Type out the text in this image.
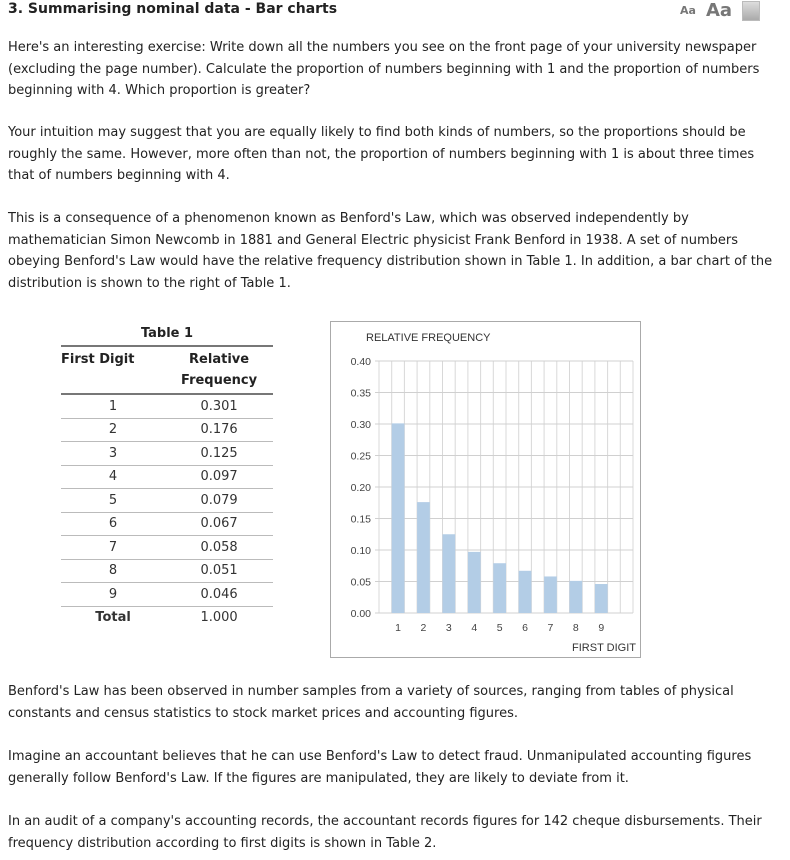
3. Summarising nominal data - Bar charts	Aa Aa
Here's an interesting exercise: Write down all the numbers you see on the front page of your university newspaper
(excluding the page number). Calculate the proportion of numbers beginning with 1 and the proportion of numbers
beginning with 4. Which proportion is greater?
Your intuition may suggest that you are equally likely to find both kinds of numbers, so the proportions should be
roughly the same. However, more often than not, the proportion of numbers beginning with 1 is about three times
that of numbers beginning with 4.
This is a consequence of a phenomenon known as Benford's Law, which was observed independently by
mathematician Simon Newcomb in 1881 and General Electric physicist Frank Benford in 1938. A set of numbers
obeying Benford's Law would have the relative frequency distribution shown in Table 1. In addition, a bar chart of the
distribution is shown to the right of Table 1.
Benford's Law has been observed in number samples from a variety of sources, ranging from tables of physical
constants and census statistics to stock market prices and accounting figures.
Imagine an accountant believes that he can use Benford's Law to detect fraud. Unmanipulated accounting figures
generally follow Benford's Law. If the figures are manipulated, they are likely to deviate from it.
In an audit of a company's accounting records, the accountant records figures for 142 cheque disbursements. Their
frequency distribution according to first digits is shown in Table 2.
Table 1
First Digit	Relative
Frequency
1	0.301
2	0.176
3	0.125
4	0.097
5	0.079
6	0.067
7	0.058
8	0.051
9	0.046
Total	1.000
RELATIVE FREQUENCY
FIRST DIGIT
0.00
0.05
0.10
0.15
0.20
0.25
0.30
0.35
0.40
1 2 3 4 5 6 7 8 9
